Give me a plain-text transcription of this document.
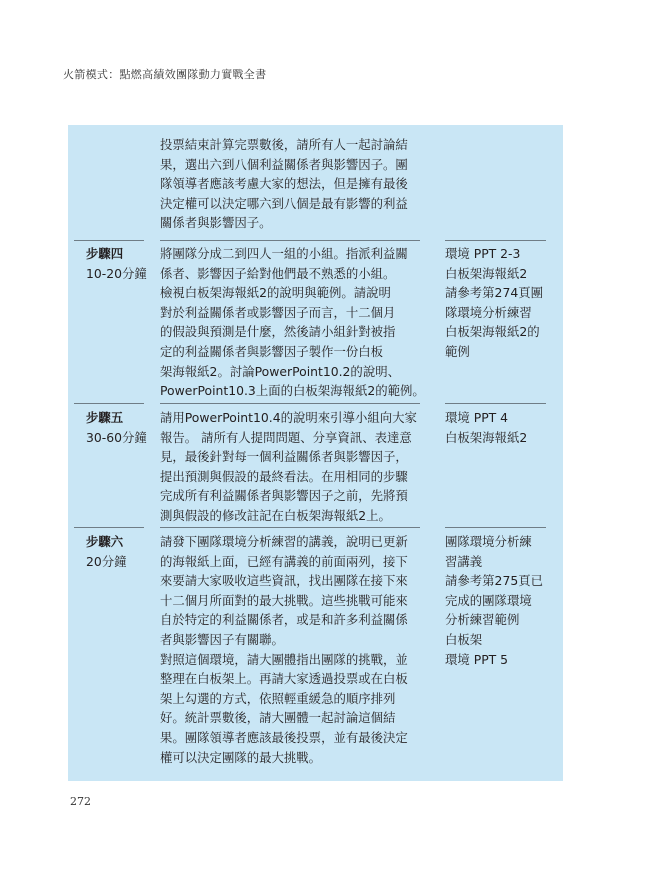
火箭模式：點燃高績效團隊動力實戰全書
投票結束計算完票數後，請所有人一起討論結
果，選出六到八個利益關係者與影響因子。團
隊領導者應該考慮大家的想法，但是擁有最後
決定權可以決定哪六到八個是最有影響的利益
關係者與影響因子。
步驟四
10-20分鐘
將團隊分成二到四人一組的小組。指派利益關
係者、影響因子給對他們最不熟悉的小組。
檢視白板架海報紙2的說明與範例。請說明
對於利益關係者或影響因子而言，十二個月
的假設與預測是什麼，然後請小組針對被指
定的利益關係者與影響因子製作一份白板
架海報紙2。討論PowerPoint10.2的說明、
PowerPoint10.3上面的白板架海報紙2的範例。
環境 PPT 2-3
白板架海報紙2
請參考第274頁團
隊環境分析練習
白板架海報紙2的
範例
步驟五
30-60分鐘
請用PowerPoint10.4的說明來引導小組向大家
報告。 請所有人提問問題、分享資訊、表達意
見，最後針對每一個利益關係者與影響因子，
提出預測與假設的最終看法。在用相同的步驟
完成所有利益關係者與影響因子之前，先將預
測與假設的修改註記在白板架海報紙2上。
環境 PPT 4
白板架海報紙2
步驟六
20分鐘
請發下團隊環境分析練習的講義，說明已更新
的海報紙上面，已經有講義的前面兩列，接下
來要請大家吸收這些資訊，找出團隊在接下來
十二個月所面對的最大挑戰。這些挑戰可能來
自於特定的利益關係者，或是和許多利益關係
者與影響因子有關聯。
對照這個環境，請大團體指出團隊的挑戰，並
整理在白板架上。再請大家透過投票或在白板
架上勾選的方式，依照輕重緩急的順序排列
好。統計票數後，請大團體一起討論這個結
果。團隊領導者應該最後投票，並有最後決定
權可以決定團隊的最大挑戰。
團隊環境分析練
習講義
請參考第275頁已
完成的團隊環境
分析練習範例
白板架
環境 PPT 5
272
